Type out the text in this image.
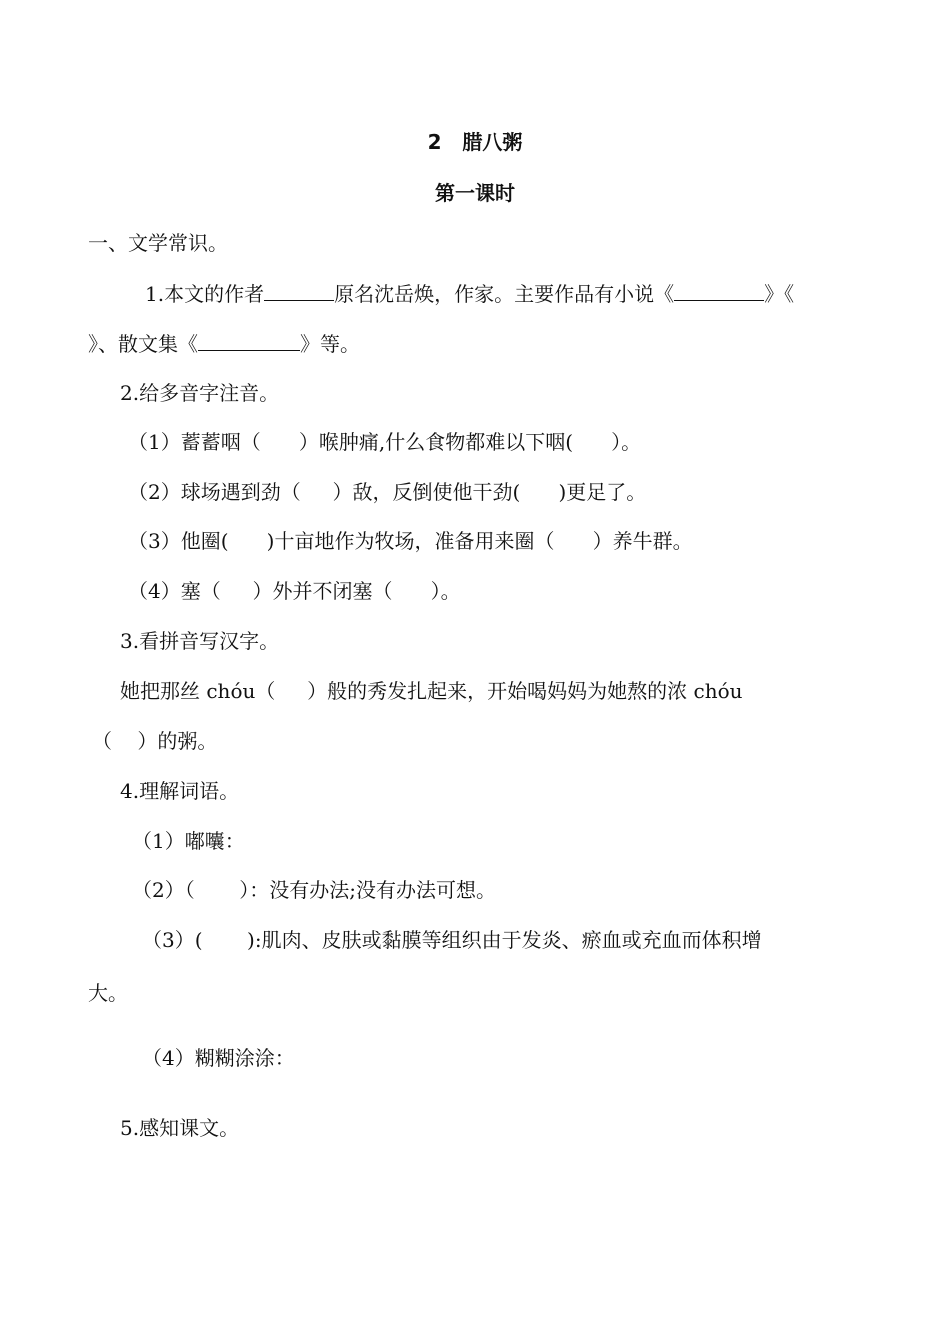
2   腊八粥
第一课时
一、文学常识。
1.本文的作者	原名沈岳焕，作家。主要作品有小说《	》《
》、散文集《	》等。
2.给多音字注音。
（1）蓄蓄咽（      ）喉肿痛,什么食物都难以下咽(      ）。
（2）球场遇到劲（     ）敌，反倒使他干劲(      )更足了。
（3）他圈(      )十亩地作为牧场，准备用来圈（      ）养牛群。
（4）塞（     ）外并不闭塞（      ）。
3.看拼音写汉字。
她把那丝 chóu（     ）般的秀发扎起来，开始喝妈妈为她熬的浓 chóu
（    ）的粥。
4.理解词语。
（1）嘟囔：
（2）（       ）：没有办法;没有办法可想。
（3）(       ):肌肉、皮肤或黏膜等组织由于发炎、瘀血或充血而体积增
大。
（4）糊糊涂涂：
5.感知课文。
